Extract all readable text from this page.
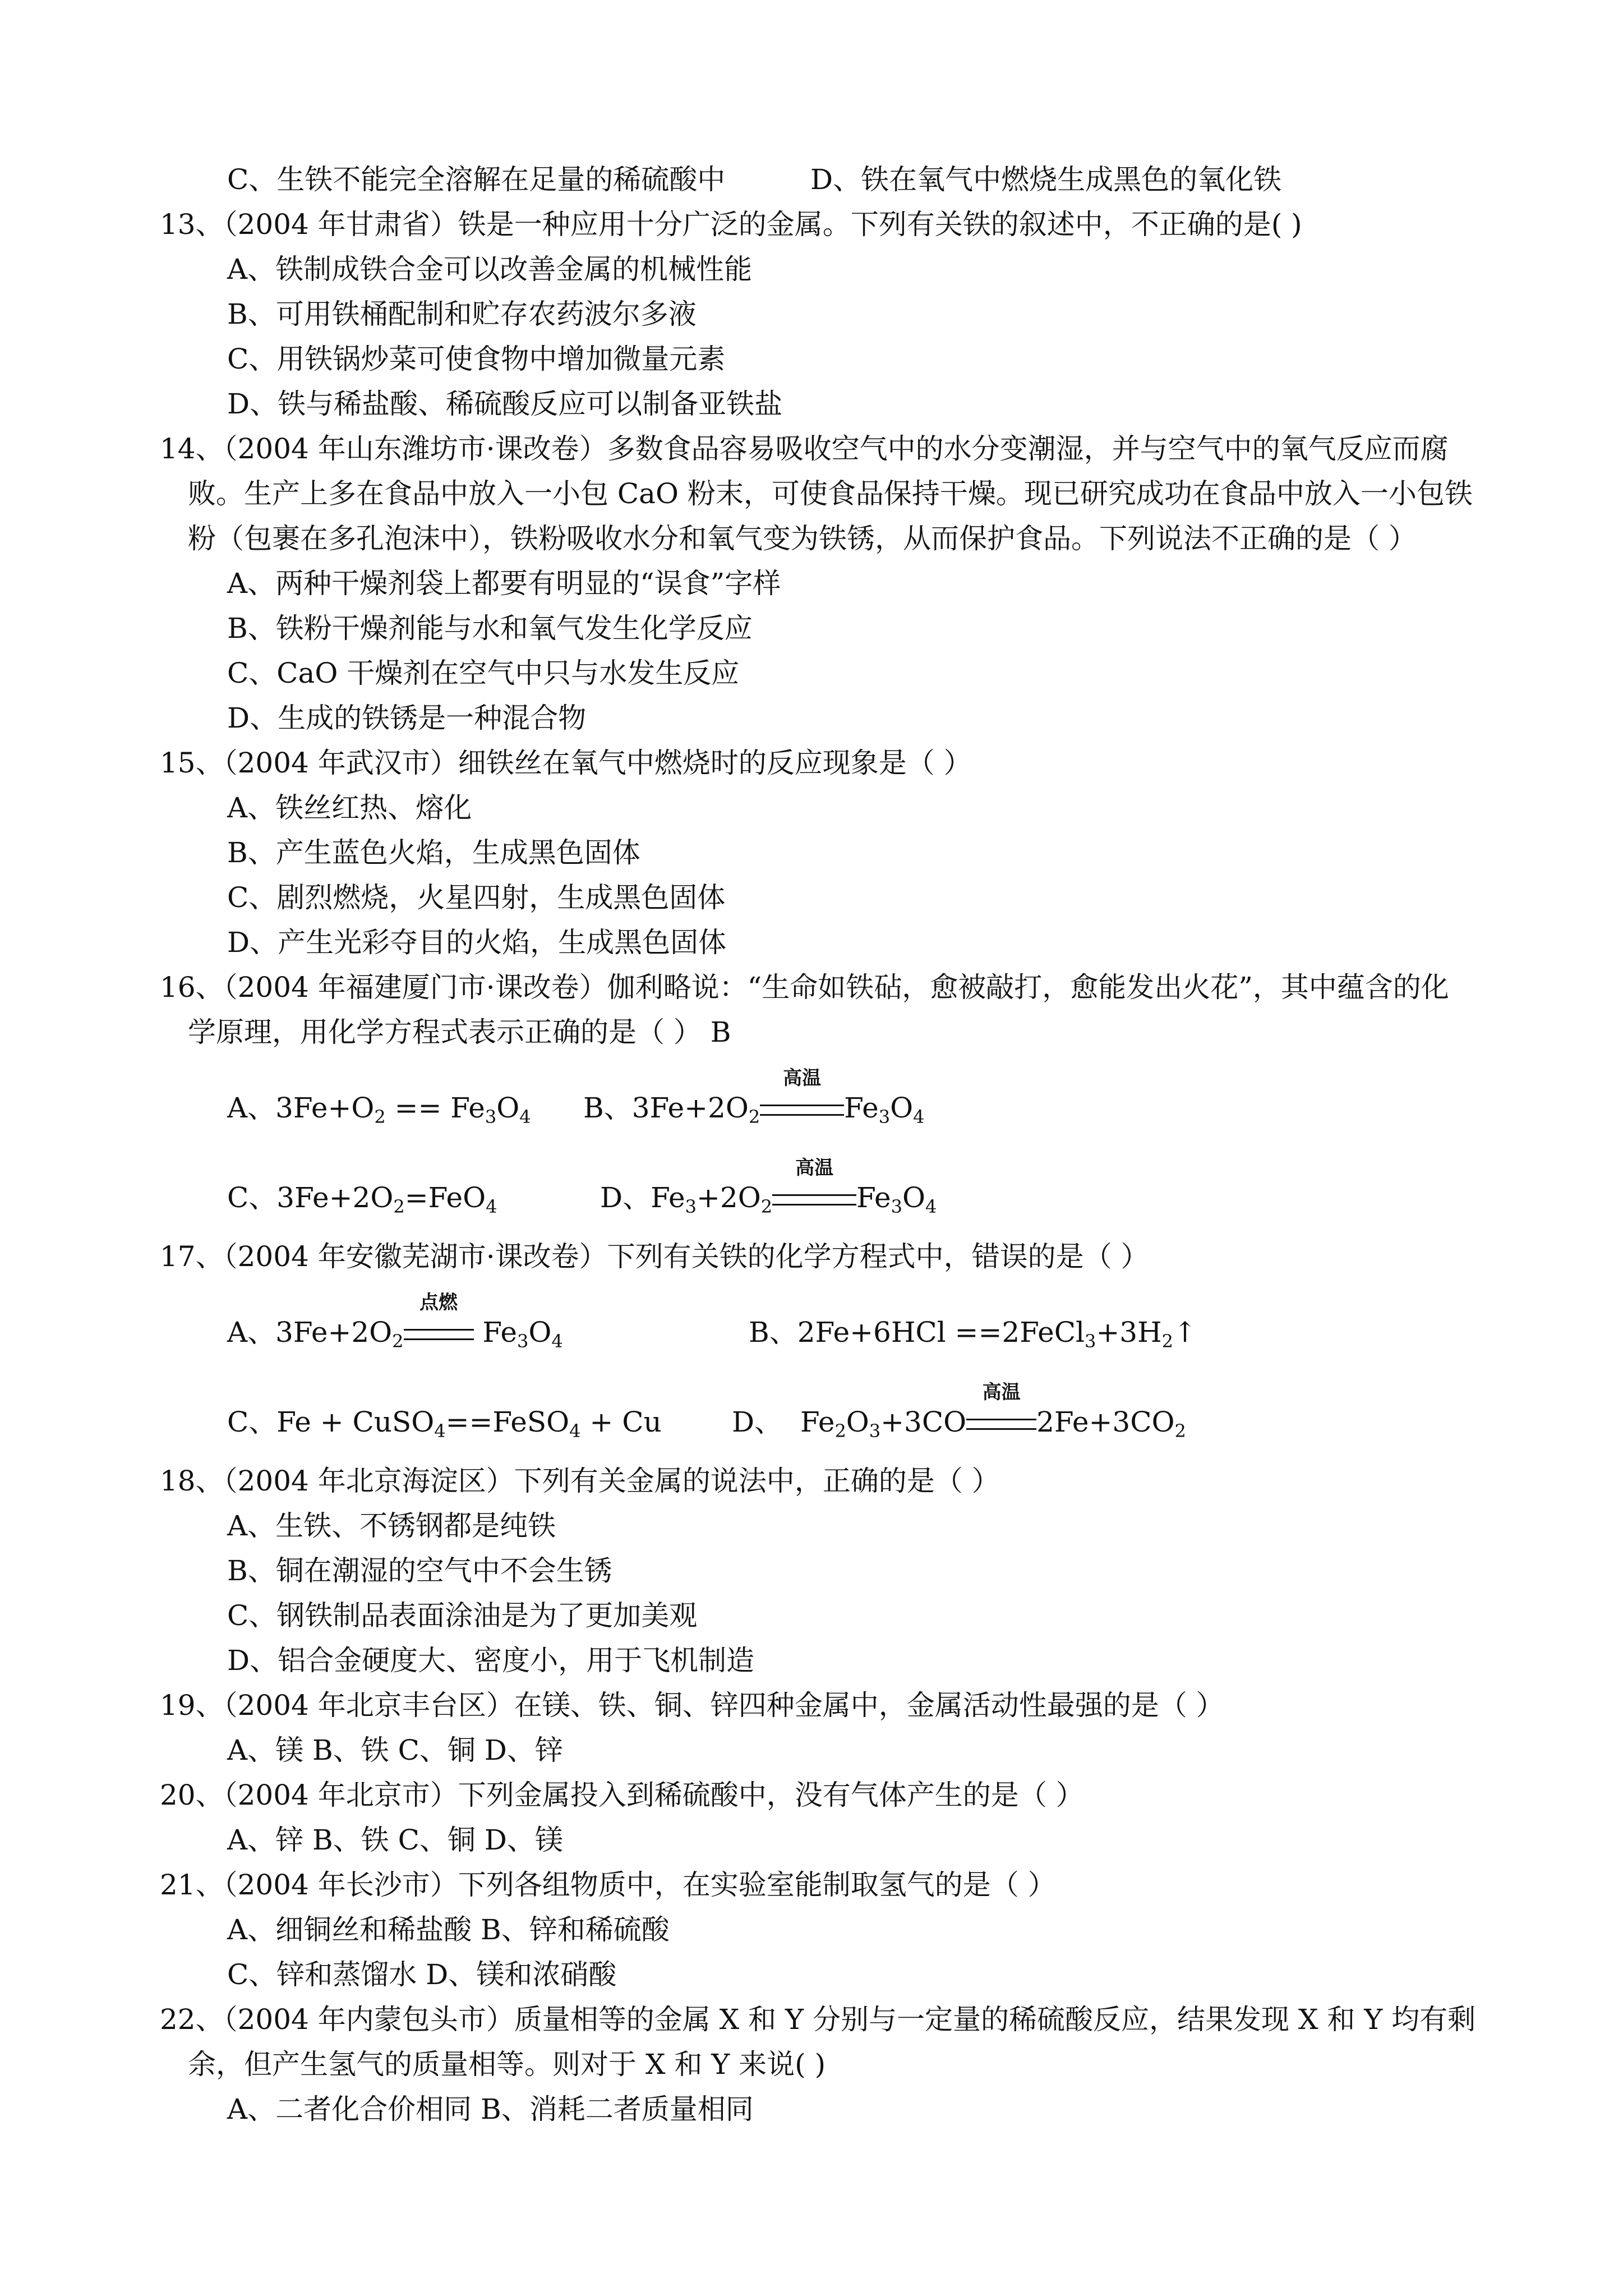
C、生铁不能完全溶解在足量的稀硫酸中	D、铁在氧气中燃烧生成黑色的氧化铁
13、（2004 年甘肃省）铁是一种应用十分广泛的金属。下列有关铁的叙述中，不正确的是( )
A、铁制成铁合金可以改善金属的机械性能
B、可用铁桶配制和贮存农药波尔多液
C、用铁锅炒菜可使食物中增加微量元素
D、铁与稀盐酸、稀硫酸反应可以制备亚铁盐
14、（2004 年山东潍坊市·课改卷）多数食品容易吸收空气中的水分变潮湿，并与空气中的氧气反应而腐
败。生产上多在食品中放入一小包 CaO 粉末，可使食品保持干燥。现已研究成功在食品中放入一小包铁
粉（包裹在多孔泡沫中），铁粉吸收水分和氧气变为铁锈，从而保护食品。下列说法不正确的是（ ）
A、两种干燥剂袋上都要有明显的“误食”字样
B、铁粉干燥剂能与水和氧气发生化学反应
C、CaO 干燥剂在空气中只与水发生反应
D、生成的铁锈是一种混合物
15、（2004 年武汉市）细铁丝在氧气中燃烧时的反应现象是（ ）
A、铁丝红热、熔化
B、产生蓝色火焰，生成黑色固体
C、剧烈燃烧，火星四射，生成黑色固体
D、产生光彩夺目的火焰，生成黑色固体
16、（2004 年福建厦门市·课改卷）伽利略说：“生命如铁砧，愈被敲打，愈能发出火花”，其中蕴含的化
学原理，用化学方程式表示正确的是（ ） B
A、$3Fe+O_2 == Fe_3O_4$ B、$3Fe+2O_2$
高温
$Fe_3O_4$
C、$3Fe+2O_2=FeO_4$	D、$Fe_3+2O_2$
高温
$Fe_3O_4$
17、（2004 年安徽芜湖市·课改卷）下列有关铁的化学方程式中，错误的是（ ）
A、$3Fe+2O_2$
点燃
$Fe_3O_4$	B、$2Fe+6HCl ==2FeCl_3+3H_2↑$
C、Fe + CuSO$_4$==FeSO$_4$ + Cu	D、  $Fe_2O_3+3CO$
高温
$2Fe+3CO_2$
18、（2004 年北京海淀区）下列有关金属的说法中，正确的是（ ）
A、生铁、不锈钢都是纯铁
B、铜在潮湿的空气中不会生锈
C、钢铁制品表面涂油是为了更加美观
D、铝合金硬度大、密度小，用于飞机制造
19、（2004 年北京丰台区）在镁、铁、铜、锌四种金属中，金属活动性最强的是（ ）
A、镁 B、铁 C、铜 D、锌
20、（2004 年北京市）下列金属投入到稀硫酸中，没有气体产生的是（ ）
A、锌 B、铁 C、铜 D、镁
21、（2004 年长沙市）下列各组物质中，在实验室能制取氢气的是（ ）
A、细铜丝和稀盐酸 B、锌和稀硫酸
C、锌和蒸馏水 D、镁和浓硝酸
22、（2004 年内蒙包头市）质量相等的金属 X 和 Y 分别与一定量的稀硫酸反应，结果发现 X 和 Y 均有剩
余，但产生氢气的质量相等。则对于 X 和 Y 来说( )
A、二者化合价相同 B、消耗二者质量相同
